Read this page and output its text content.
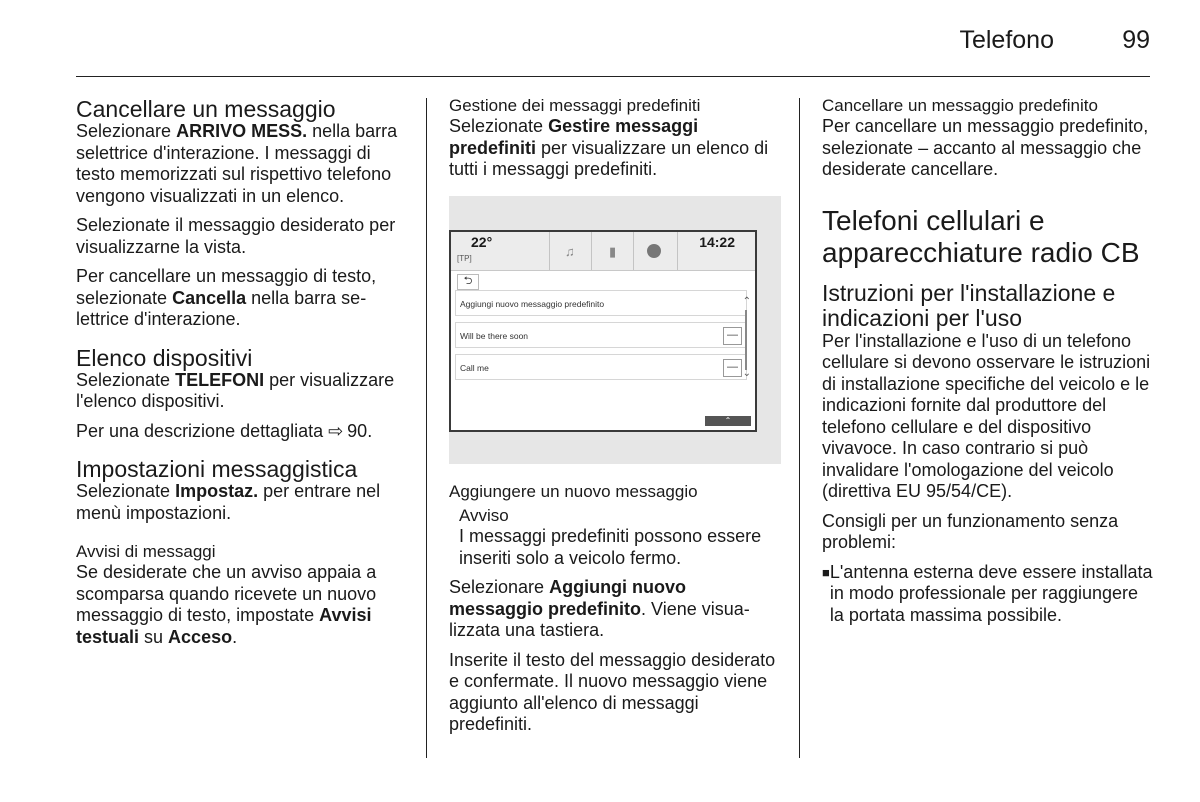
Telefono	99
Cancellare un messaggio

Selezionare ARRIVO MESS. nella barra selettrice d'interazione. I messaggi di testo memorizzati sul rispettivo telefono vengono visualizzati in un elenco.

Selezionate il messaggio desiderato per visualizzarne la vista.

Per cancellare un messaggio di testo, selezionate Cancella nella barra selettrice d'interazione.

Elenco dispositivi

Selezionate TELEFONI per visualizzare l'elenco dispositivi.

Per una descrizione dettagliata ⇨ 90.

Impostazioni messaggistica

Selezionate Impostaz. per entrare nel menù impostazioni.

Avvisi di messaggi

Se desiderate che un avviso appaia a scomparsa quando ricevete un nuovo messaggio di testo, impostate Avvisi testuali su Acceso.

Gestione dei messaggi predefiniti

Selezionate Gestire messaggi predefiniti per visualizzare un elenco di tutti i messaggi predefiniti.

22°
[TP]	♫	▮
14:22
⮌
Aggiungi nuovo messaggio predefinito
Will be there soon	—
Call me	—
⌃
⌄
⌃
Aggiungere un nuovo messaggio
Avviso

I messaggi predefiniti possono essere inseriti solo a veicolo fermo.

Selezionare Aggiungi nuovo messaggio predefinito. Viene visualizzata una tastiera.

Inserite il testo del messaggio desiderato e confermate. Il nuovo messaggio viene aggiunto all'elenco di messaggi predefiniti.

Cancellare un messaggio predefinito

Per cancellare un messaggio predefinito, selezionate – accanto al messaggio che desiderate cancellare.

Telefoni cellulari e apparecchiature radio CB
Istruzioni per l'installazione e indicazioni per l'uso

Per l'installazione e l'uso di un telefono cellulare si devono osservare le istruzioni di installazione specifiche del veicolo e le indicazioni fornite dal produttore del telefono cellulare e del dispositivo vivavoce. In caso contrario si può invalidare l'omologazione del veicolo (direttiva EU 95/54/CE).

Consigli per un funzionamento senza problemi:

■ L'antenna esterna deve essere installata in modo professionale per raggiungere la portata massima possibile.
